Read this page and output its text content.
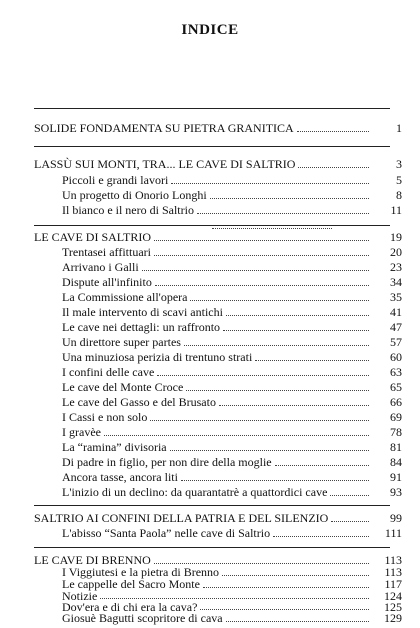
INDICE
SOLIDE FONDAMENTA SU PIETRA GRANITICA	1
LASSÙ SUI MONTI, TRA... LE CAVE DI SALTRIO	3
Piccoli e grandi lavori	5
Un progetto di Onorio Longhi	8
Il bianco e il nero di Saltrio	11
LE CAVE DI SALTRIO	19
Trentasei affittuari	20
Arrivano i Galli	23
Dispute all'infinito	34
La Commissione all'opera	35
Il male intervento di scavi antichi	41
Le cave nei dettagli: un raffronto	47
Un direttore super partes	57
Una minuziosa perizia di trentuno strati	60
I confini delle cave	63
Le cave del Monte Croce	65
Le cave del Gasso e del Brusato	66
I Cassi e non solo	69
I gravèe	78
La “ramina” divisoria	81
Di padre in figlio, per non dire della moglie	84
Ancora tasse, ancora liti	91
L'inizio di un declino: da quarantatrè a quattordici cave	93
SALTRIO AI CONFINI DELLA PATRIA E DEL SILENZIO	99
L'abisso “Santa Paola” nelle cave di Saltrio	111
LE CAVE DI BRENNO	113
I Viggiutesi e la pietra di Brenno	113
Le cappelle del Sacro Monte	117
Notizie	124
Dov'era e di chi era la cava?	125
Giosuè Bagutti scopritore di cava	129
